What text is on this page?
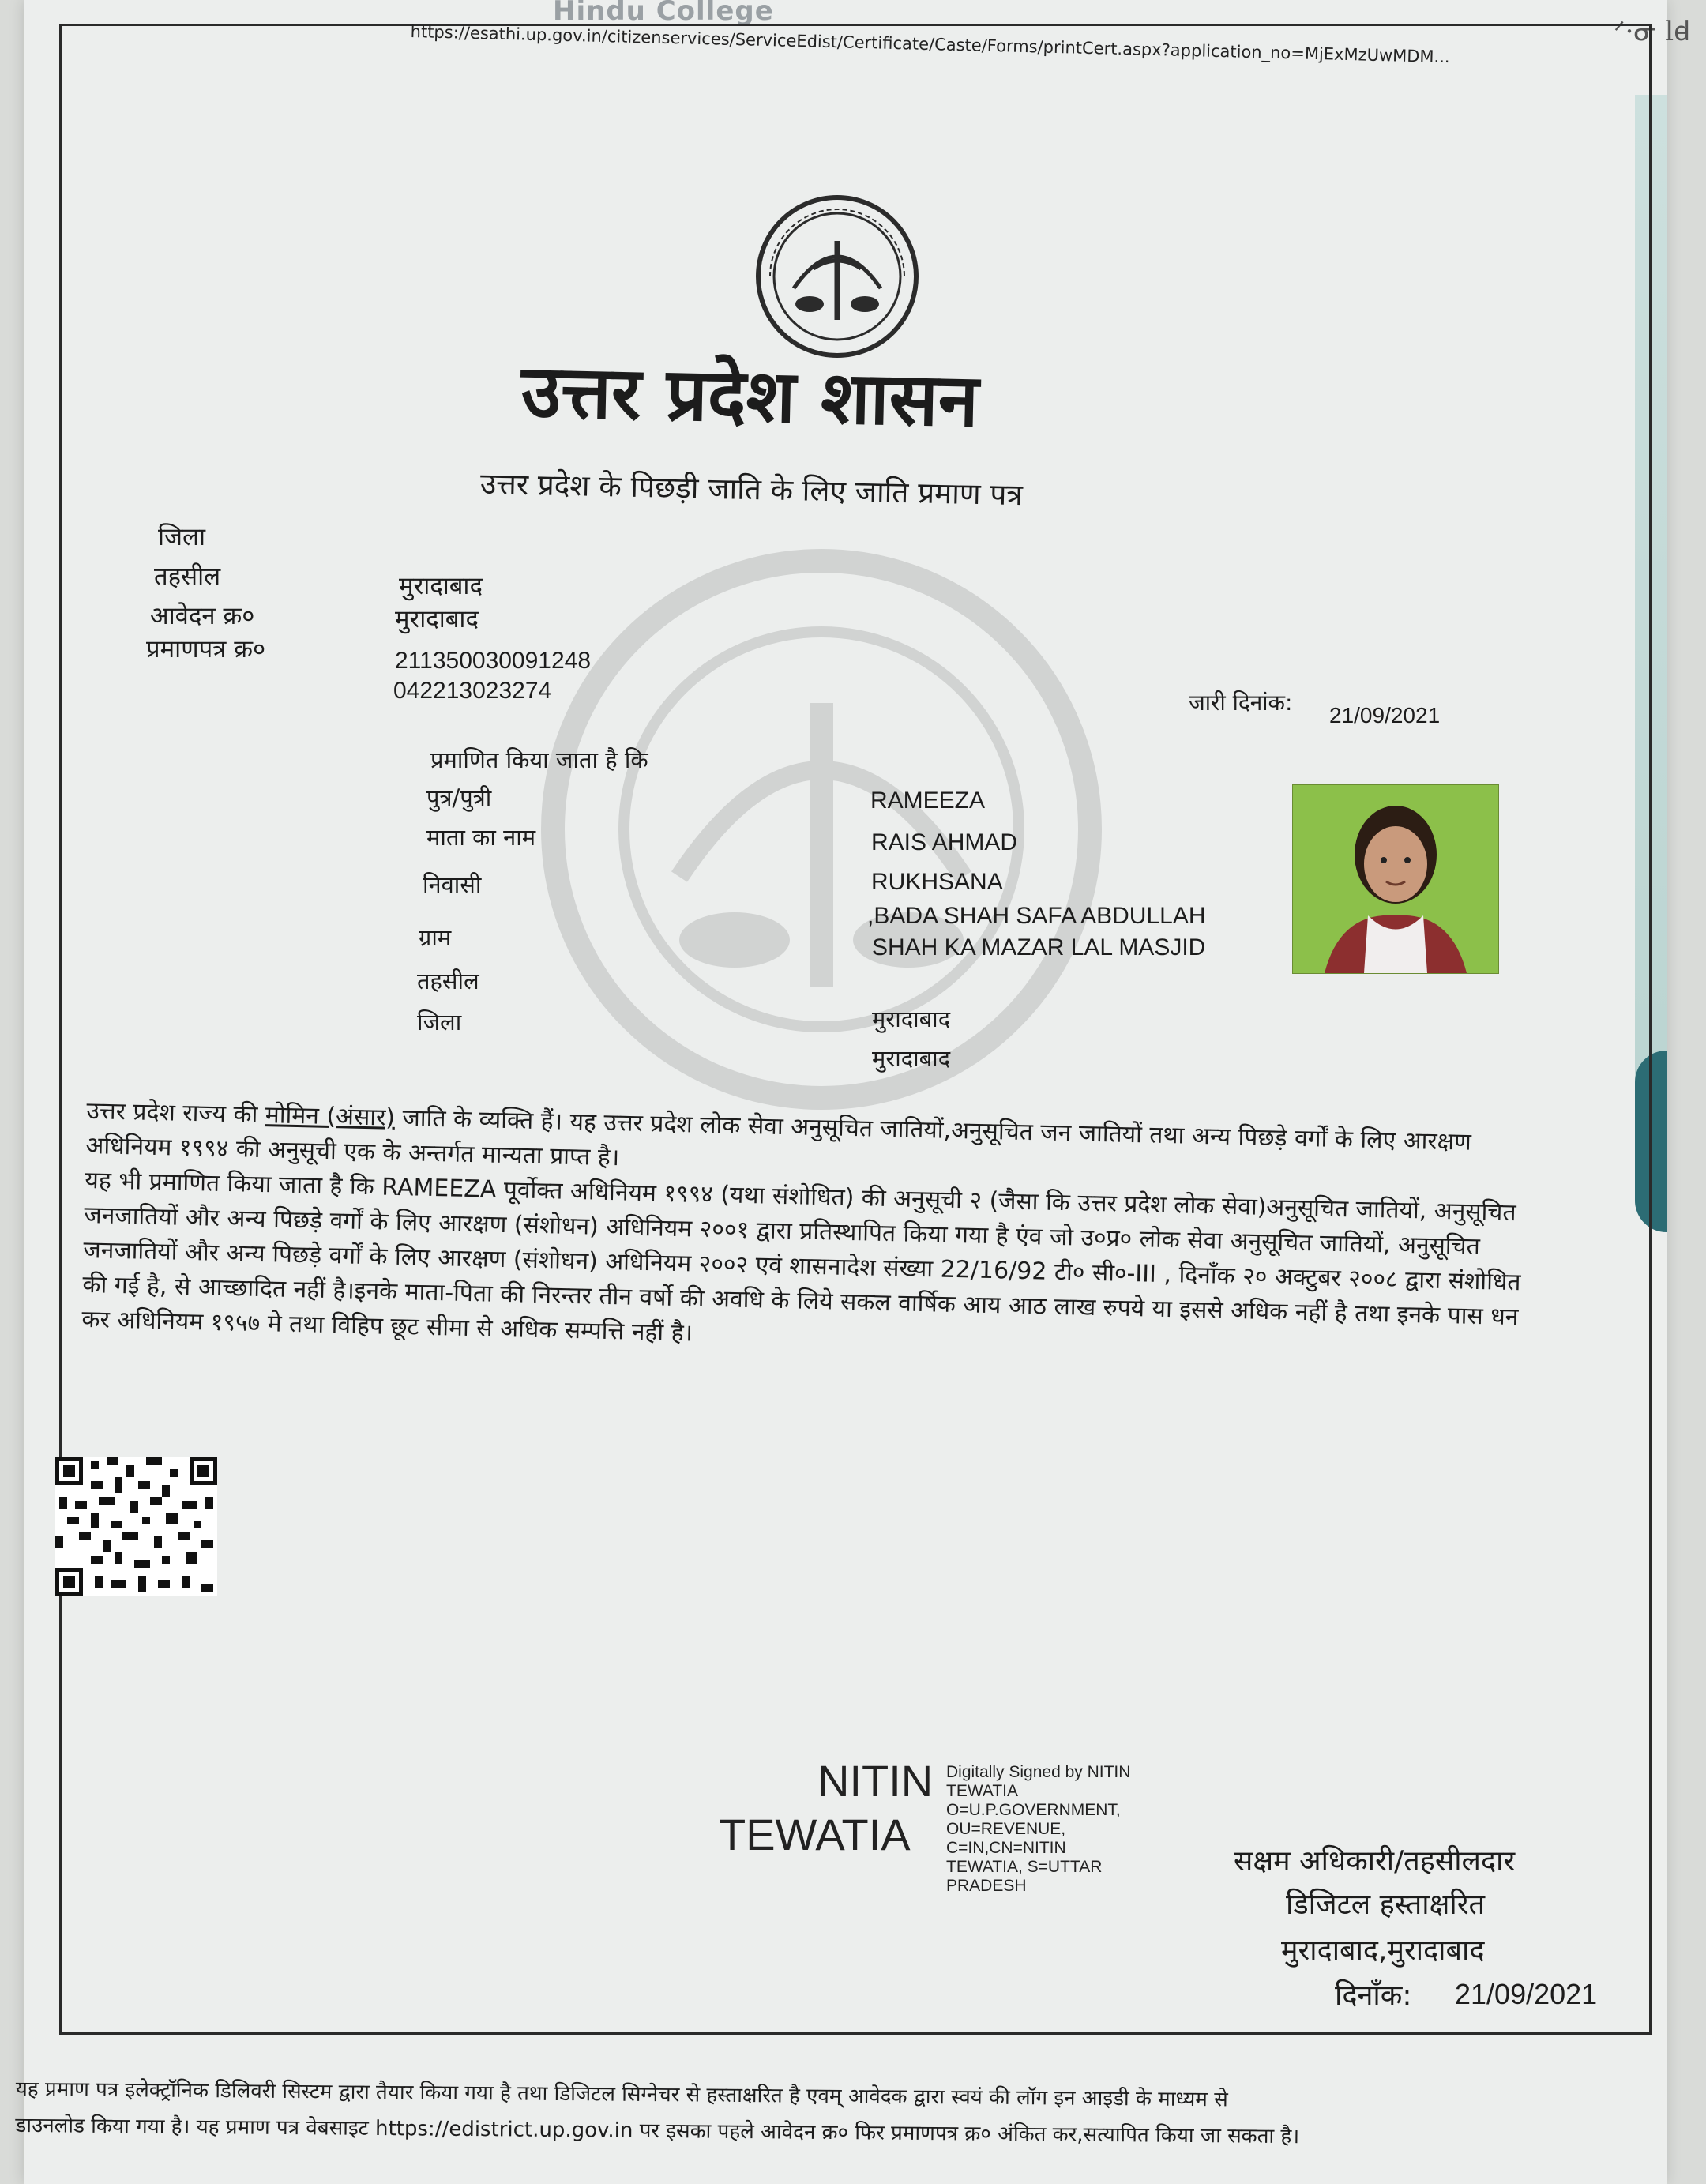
ᐟ·ᓂ lꟈ
Hindu College
https://esathi.up.gov.in/citizenservices/ServiceEdist/Certificate/Caste/Forms/printCert.aspx?application_no=MjExMzUwMDM...
उत्तर प्रदेश शासन
उत्तर प्रदेश के पिछड़ी जाति के लिए जाति प्रमाण पत्र
जिला
तहसील
आवेदन क्र०
प्रमाणपत्र क्र०
मुरादाबाद
मुरादाबाद
211350030091248
042213023274	जारी दिनांक: 21/09/2021
प्रमाणित किया जाता है कि
पुत्र/पुत्री
माता का नाम
निवासी
ग्राम
तहसील
जिला
RAMEEZA
RAIS AHMAD
RUKHSANA
,BADA SHAH SAFA ABDULLAH
SHAH KA MAZAR LAL MASJID
मुरादाबाद
मुरादाबाद
उत्तर प्रदेश राज्य की मोमिन (अंसार) जाति के व्यक्ति हैं। यह उत्तर प्रदेश लोक सेवा अनुसूचित जातियों,अनुसूचित जन जातियों तथा अन्य पिछड़े वर्गों के लिए आरक्षण अधिनियम १९९४ की अनुसूची एक के अन्तर्गत मान्यता प्राप्त है।
यह भी प्रमाणित किया जाता है कि RAMEEZA पूर्वोक्त अधिनियम १९९४ (यथा संशोधित) की अनुसूची २ (जैसा कि उत्तर प्रदेश लोक सेवा)अनुसूचित जातियों, अनुसूचित जनजातियों और अन्य पिछड़े वर्गों के लिए आरक्षण (संशोधन) अधिनियम २००१ द्वारा प्रतिस्थापित किया गया है एंव जो उ०प्र० लोक सेवा अनुसूचित जातियों, अनुसूचित जनजातियों और अन्य पिछड़े वर्गों के लिए आरक्षण (संशोधन) अधिनियम २००२ एवं शासनादेश संख्या 22/16/92 टी० सी०-III , दिनाँक २० अक्टुबर २००८ द्वारा संशोधित की गई है, से आच्छादित नहीं है।इनके माता-पिता की निरन्तर तीन वर्षो की अवधि के लिये सकल वार्षिक आय आठ लाख रुपये या इससे अधिक नहीं है तथा इनके पास धन कर अधिनियम १९५७ मे तथा विहिप छूट सीमा से अधिक सम्पत्ति नहीं है।
NITIN
TEWATIA
Digitally Signed by NITIN
TEWATIA
O=U.P.GOVERNMENT,
OU=REVENUE,
C=IN,CN=NITIN
TEWATIA, S=UTTAR
PRADESH
सक्षम अधिकारी/तहसीलदार
डिजिटल हस्ताक्षरित
मुरादाबाद,मुरादाबाद
दिनाँक: 21/09/2021
यह प्रमाण पत्र इलेक्ट्रॉनिक डिलिवरी सिस्टम द्वारा तैयार किया गया है तथा डिजिटल सिग्नेचर से हस्ताक्षरित है एवम् आवेदक द्वारा स्वयं की लॉग इन आइडी के माध्यम से
डाउनलोड किया गया है। यह प्रमाण पत्र वेबसाइट https://edistrict.up.gov.in पर इसका पहले आवेदन क्र० फिर प्रमाणपत्र क्र० अंकित कर,सत्यापित किया जा सकता है।
